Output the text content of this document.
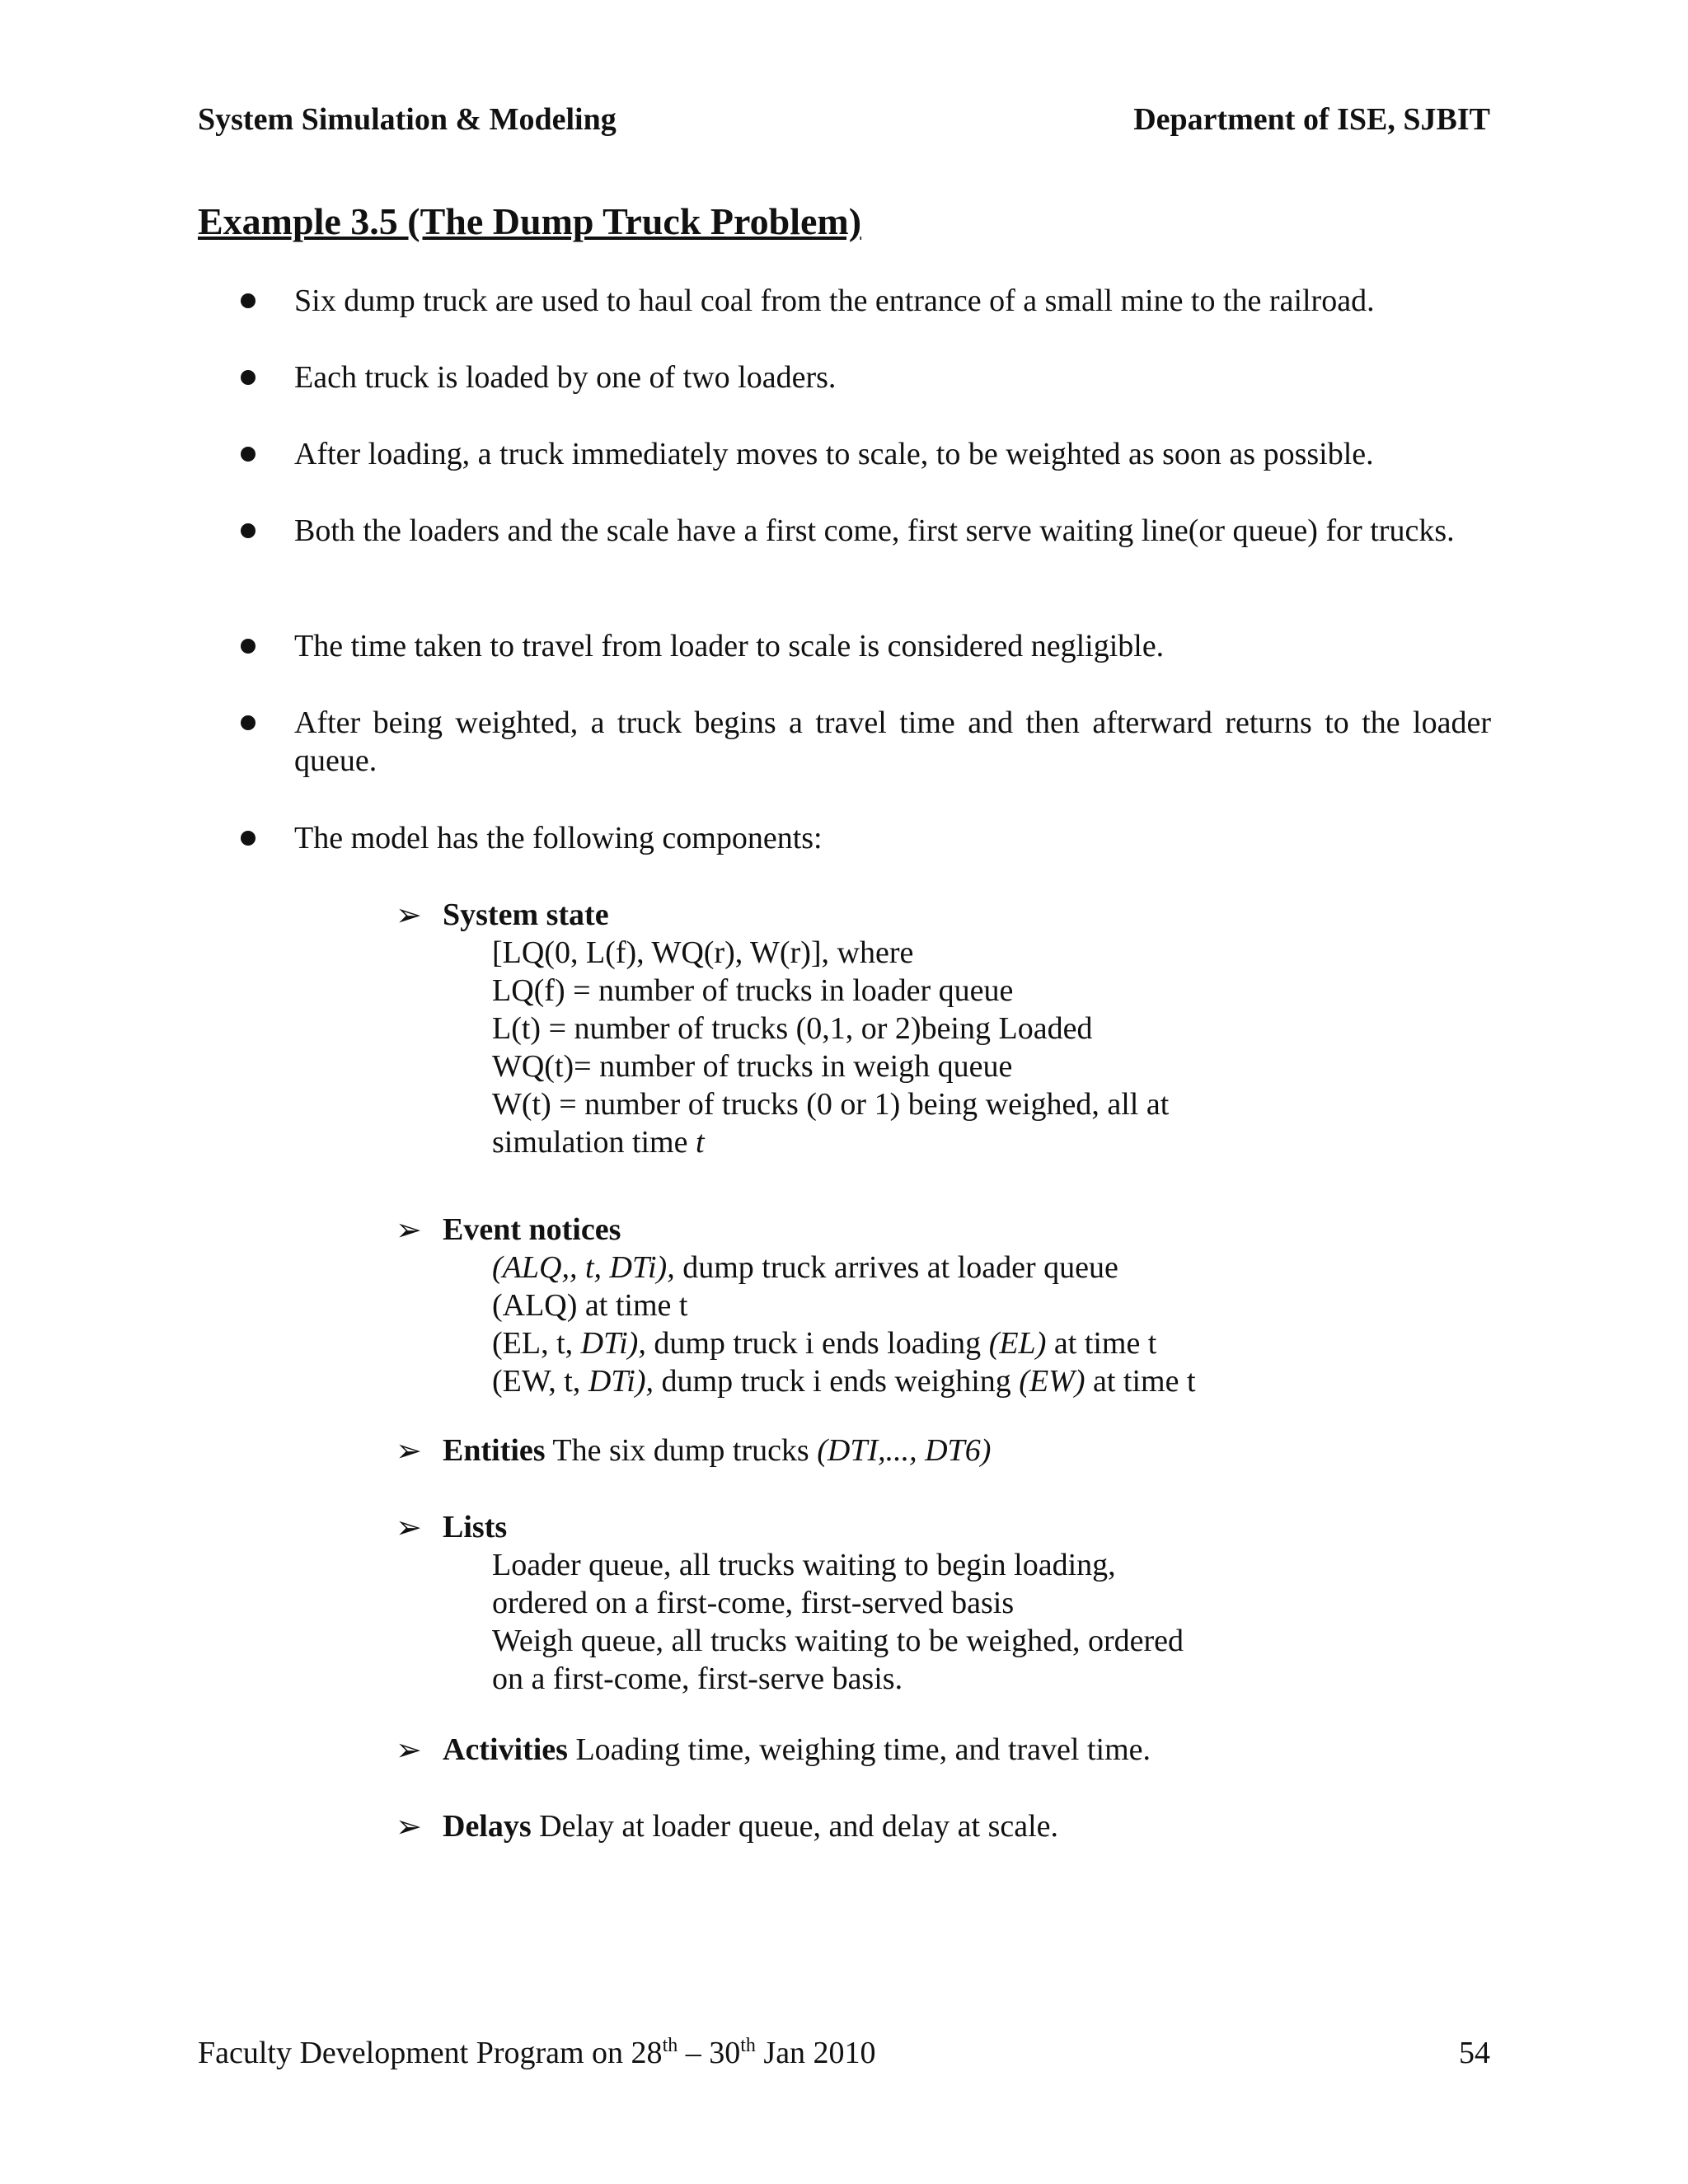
System Simulation & Modeling	Department of ISE, SJBIT
Example 3.5 (The Dump Truck Problem)
Six dump truck are used to haul coal from the entrance of a small mine to the railroad.
Each truck is loaded by one of two loaders.
After loading, a truck immediately moves to scale, to be weighted as soon as possible.
Both the loaders and the scale have a first come, first serve waiting line(or queue) for trucks.
The time taken to travel from loader to scale is considered negligible.
After being weighted, a truck begins a travel time and then afterward returns to the loader queue.
The model has the following components:
➢ System state
[LQ(0, L(f), WQ(r), W(r)], where
LQ(f) = number of trucks in loader queue
L(t) = number of trucks (0,1, or 2)being Loaded
WQ(t)= number of trucks in weigh queue
W(t) = number of trucks (0 or 1) being weighed, all at
simulation time t
➢ Event notices
(ALQ,, t, DTi), dump truck arrives at loader queue
(ALQ) at time t
(EL, t, DTi), dump truck i ends loading (EL) at time t
(EW, t, DTi), dump truck i ends weighing (EW) at time t
➢ Entities The six dump trucks (DTI,..., DT6)
➢ Lists
Loader queue, all trucks waiting to begin loading,
ordered on a first-come, first-served basis
Weigh queue, all trucks waiting to be weighed, ordered
on a first-come, first-serve basis.
➢ Activities Loading time, weighing time, and travel time.
➢ Delays Delay at loader queue, and delay at scale.
Faculty Development Program on 28th – 30th Jan 2010	54
